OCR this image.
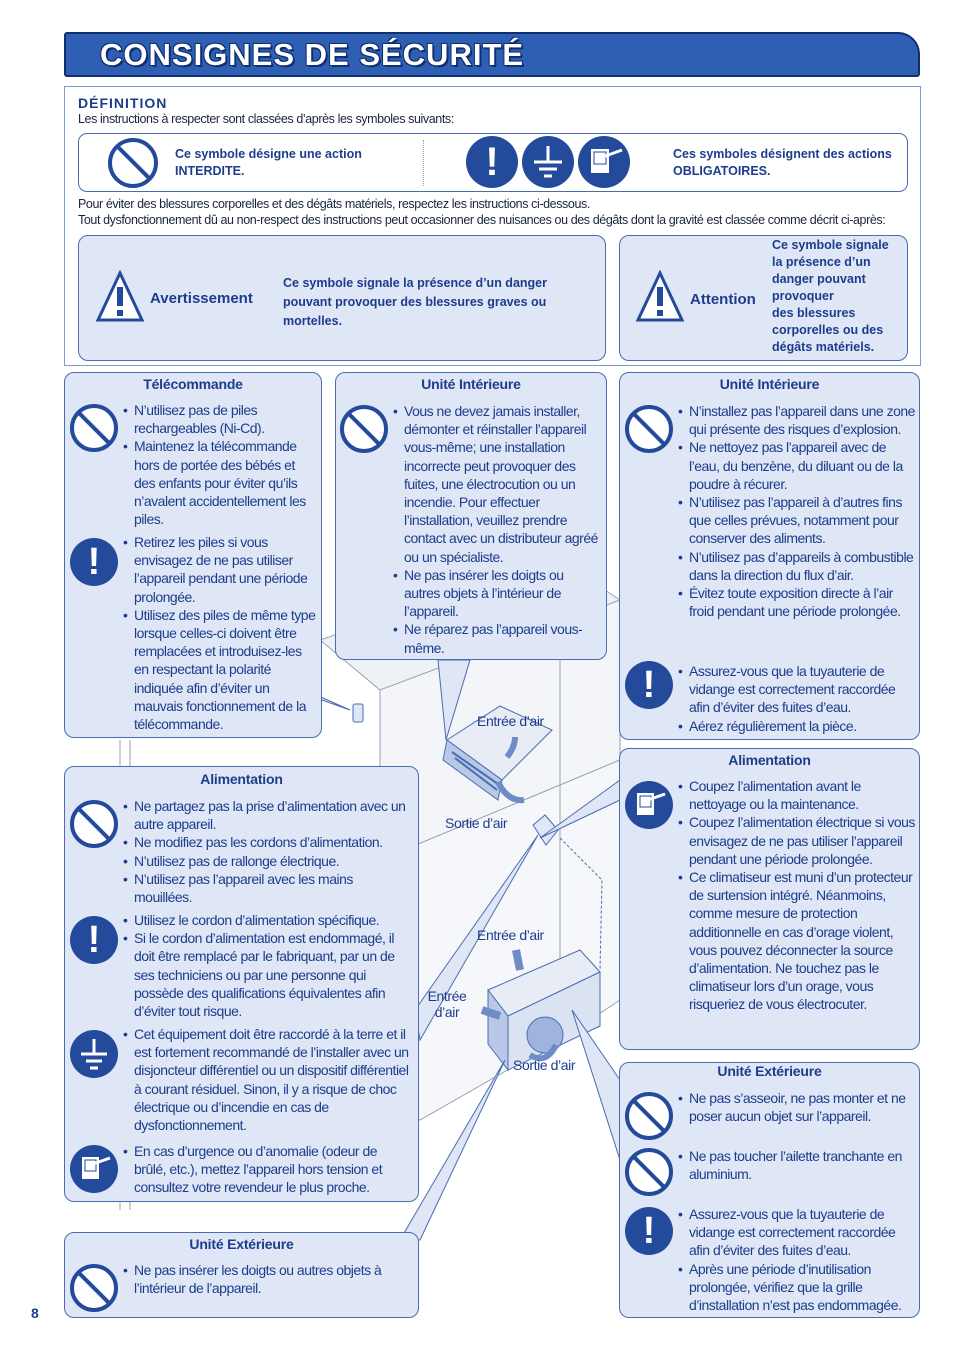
CONSIGNES DE SÉCURITÉ
DÉFINITION
Les instructions à respecter sont classées d’après les symboles suivants:
Ce symbole désigne une action
INTERDITE.	!	Ces symboles désignent des actions
OBLIGATOIRES.
Pour éviter des blessures corporelles et des dégâts matériels, respectez les instructions ci-dessous.
Tout dysfonctionnement dû au non-respect des instructions peut occasionner des nuisances ou des dégâts dont la gravité est classée comme décrit ci-après:
Avertissement
Ce symbole signale la présence d’un danger pouvant provoquer des blessures graves ou mortelles.
Attention
Ce symbole signale
la présence d’un
danger pouvant
provoquer
des blessures
corporelles ou des
dégâts matériels.
Télécommande
!
• N’utilisez pas de piles rechargeables (Ni-Cd).
• Maintenez la télécommande hors de portée des bébés et des enfants pour éviter qu’ils n’avalent accidentellement les piles.
• Retirez les piles si vous envisagez de ne pas utiliser l’appareil pendant une période prolongée.
• Utilisez des piles de même type lorsque celles-ci doivent être remplacées et introduisez-les en respectant la polarité indiquée afin d’éviter un mauvais fonctionnement de la télécommande.
Unité Intérieure
• Vous ne devez jamais installer, démonter et réinstaller l’appareil vous-même; une installation incorrecte peut provoquer des fuites, une électrocution ou un incendie. Pour effectuer l’installation, veuillez prendre contact avec un distributeur agréé ou un spécialiste.
• Ne pas insérer les doigts ou autres objets à l’intérieur de l’appareil.
• Ne réparez pas l’appareil vous-même.
Unité Intérieure
!
• N’installez pas l’appareil dans une zone qui présente des risques d’explosion.
• Ne nettoyez pas l’appareil avec de l’eau, du benzène, du diluant ou de la poudre à récurer.
• N’utilisez pas l’appareil à d’autres fins que celles prévues, notamment pour conserver des aliments.
• N’utilisez pas d’appareils à combustible dans la direction du flux d’air.
• Évitez toute exposition directe à l’air froid pendant une période prolongée.
• Assurez-vous que la tuyauterie de vidange est correctement raccordée afin d’éviter des fuites d’eau.
• Aérez régulièrement la pièce.
Alimentation
!
• Ne partagez pas la prise d’alimentation avec un autre appareil.
• Ne modifiez pas les cordons d’alimentation.
• N’utilisez pas de rallonge électrique.
• N’utilisez pas l’appareil avec les mains mouillées.
• Utilisez le cordon d’alimentation spécifique.
• Si le cordon d’alimentation est endommagé, il doit être remplacé par le fabriquant, par un de ses techniciens ou par une personne qui possède des qualifications équivalentes afin d’éviter tout risque.
• Cet équipement doit être raccordé à la terre et il est fortement recommandé de l’installer avec un disjoncteur différentiel ou un dispositif différentiel à courant résiduel. Sinon, il y a risque de choc électrique ou d’incendie en cas de dysfonctionnement.
• En cas d’urgence ou d’anomalie (odeur de brûlé, etc.), mettez l’appareil hors tension et consultez votre revendeur le plus proche.
Alimentation
• Coupez l’alimentation avant le nettoyage ou la maintenance.
• Coupez l’alimentation électrique si vous envisagez de ne pas utiliser l’appareil pendant une période prolongée.
• Ce climatiseur est muni d’un protecteur de surtension intégré. Néanmoins, comme mesure de protection additionnelle en cas d’orage violent, vous pouvez déconnecter la source d’alimentation. Ne touchez pas le climatiseur lors d’un orage, vous risqueriez de vous électrocuter.
Unité Extérieure
• Ne pas insérer les doigts ou autres objets à l’intérieur de l’appareil.
Unité Extérieure
!
• Ne pas s’asseoir, ne pas monter et ne poser aucun objet sur l’appareil.
• Ne pas toucher l’ailette tranchante en aluminium.
• Assurez-vous que la tuyauterie de vidange est correctement raccordée afin d’éviter des fuites d’eau.
• Après une période d’inutilisation prolongée, vérifiez que la grille d’installation n’est pas endommagée.
Entrée d’air
Sortie d’air
Entrée d’air
Entrée
d’air
Sortie d’air
8
